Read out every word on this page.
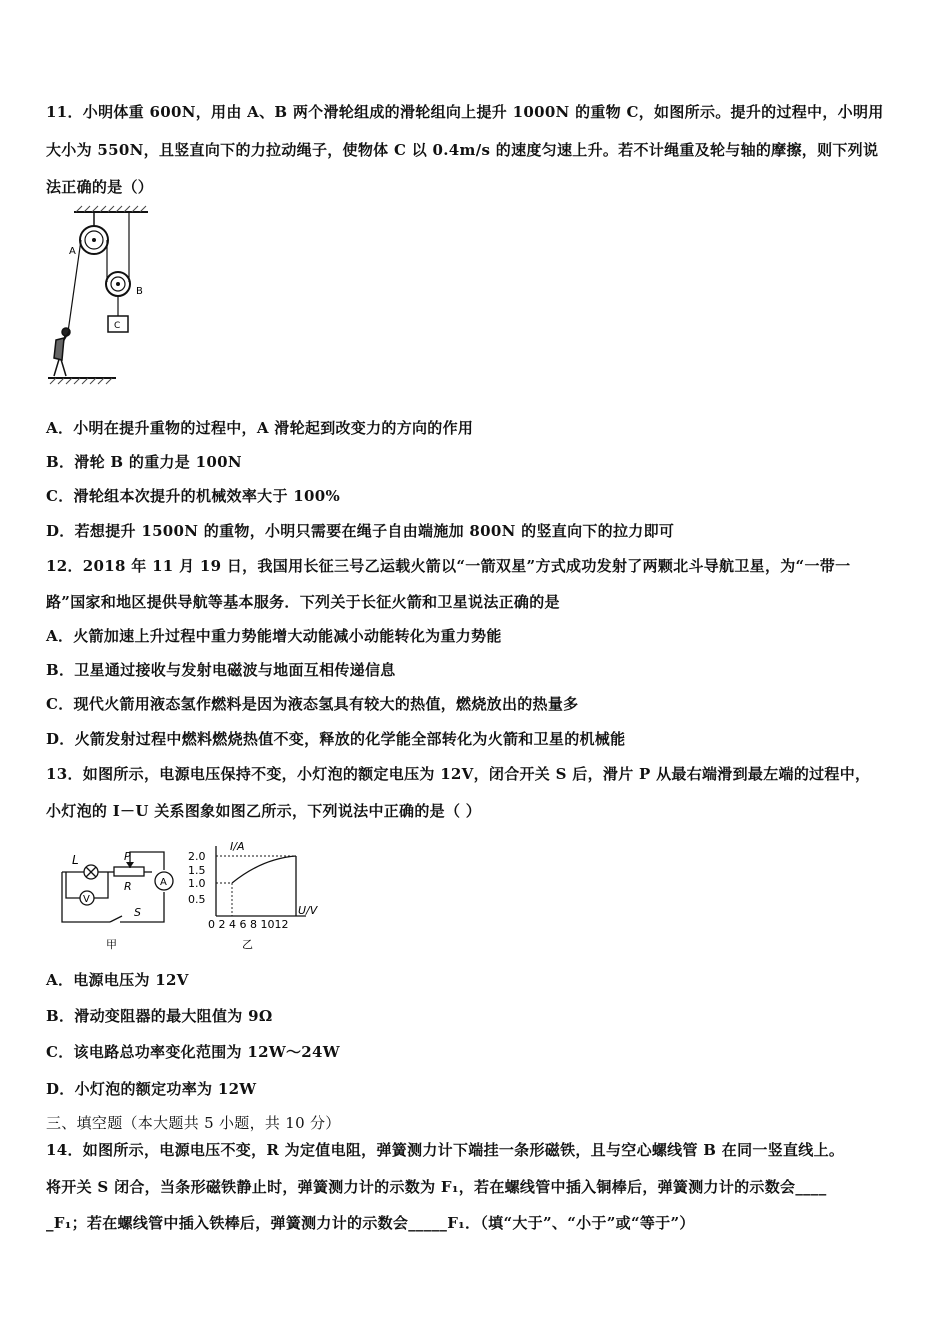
11．小明体重 600N，用由 A、B 两个滑轮组成的滑轮组向上提升 1000N 的重物 C，如图所示。提升的过程中，小明用
大小为 550N，且竖直向下的力拉动绳子，使物体 C 以 0.4m/s 的速度匀速上升。若不计绳重及轮与轴的摩擦，则下列说
法正确的是（）
A
B
C
A．小明在提升重物的过程中，A 滑轮起到改变力的方向的作用
B．滑轮 B 的重力是 100N
C．滑轮组本次提升的机械效率大于 100%
D．若想提升 1500N 的重物，小明只需要在绳子自由端施加 800N 的竖直向下的拉力即可
12．2018 年 11 月 19 日，我国用长征三号乙运载火箭以“一箭双星”方式成功发射了两颗北斗导航卫星，为“一带一
路”国家和地区提供导航等基本服务．下列关于长征火箭和卫星说法正确的是
A．火箭加速上升过程中重力势能增大动能减小动能转化为重力势能
B．卫星通过接收与发射电磁波与地面互相传递信息
C．现代火箭用液态氢作燃料是因为液态氢具有较大的热值，燃烧放出的热量多
D．火箭发射过程中燃料燃烧热值不变，释放的化学能全部转化为火箭和卫星的机械能
13．如图所示，电源电压保持不变，小灯泡的额定电压为 12V，闭合开关 S 后，滑片 P 从最右端滑到最左端的过程中，
小灯泡的 I－U 关系图象如图乙所示，下列说法中正确的是（ ）
L	P
R
V
A
S
甲
I/A
U/V
2.0
1.5
1.0
0.5
0 2 4 6 8 1012
乙
A．电源电压为 12V
B．滑动变阻器的最大阻值为 9Ω
C．该电路总功率变化范围为 12W～24W
D．小灯泡的额定功率为 12W
三、填空题（本大题共 5 小题，共 10 分）
14．如图所示，电源电压不变，R 为定值电阻，弹簧测力计下端挂一条形磁铁，且与空心螺线管 B 在同一竖直线上。
将开关 S 闭合，当条形磁铁静止时，弹簧测力计的示数为 F₁，若在螺线管中插入铜棒后，弹簧测力计的示数会____
_F₁；若在螺线管中插入铁棒后，弹簧测力计的示数会_____F₁．（填“大于”、“小于”或“等于”）
